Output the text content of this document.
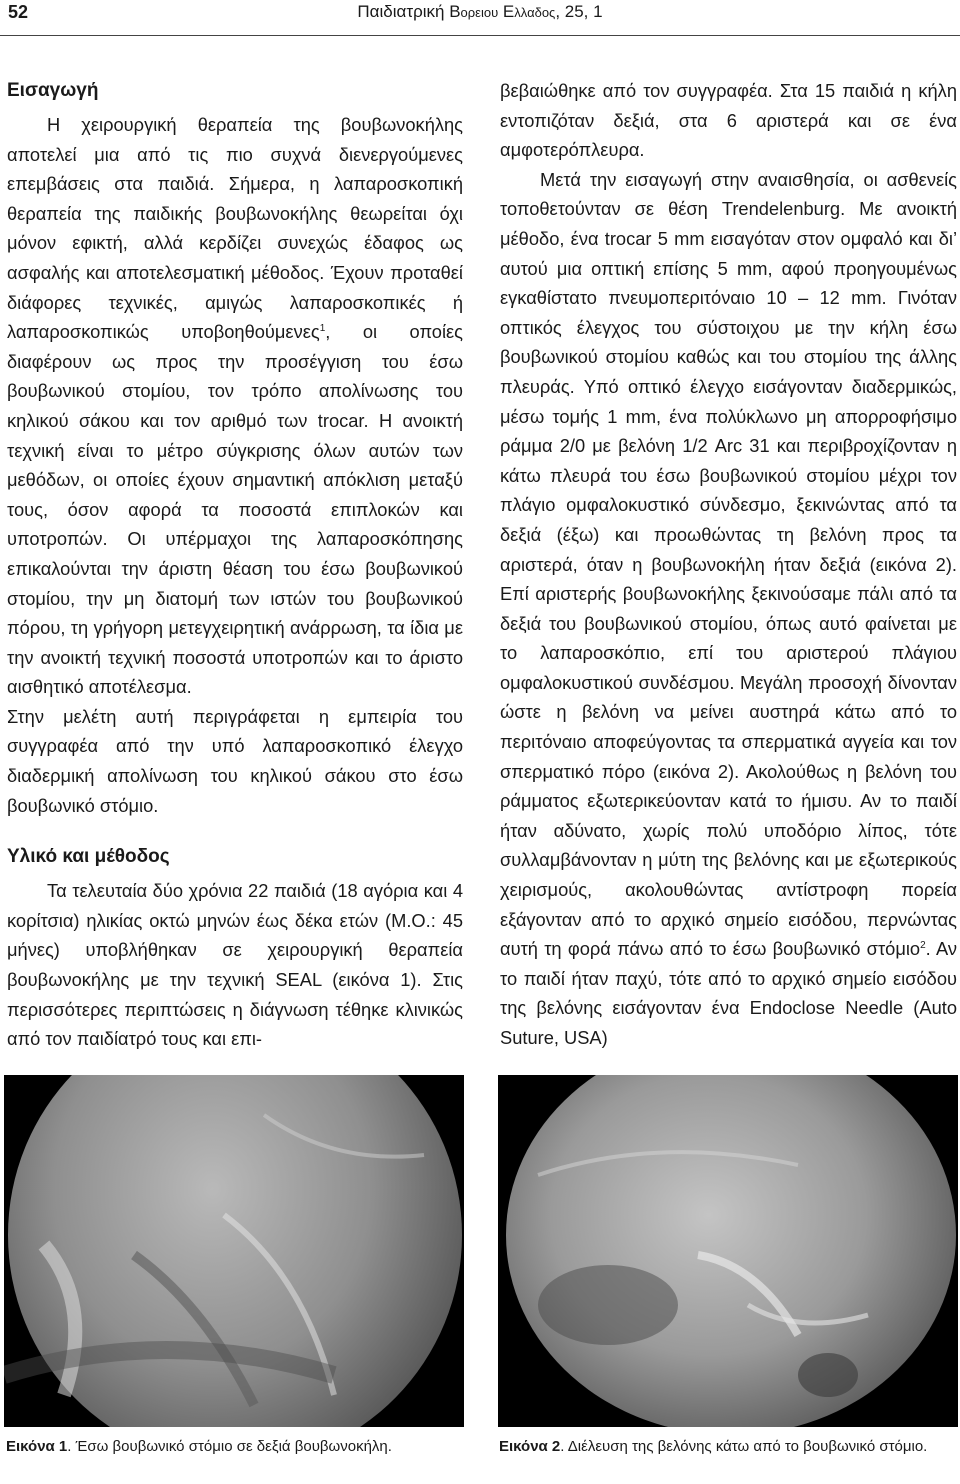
52	Παιδιατρική Βορειου Ελλαδος, 25, 1
Εισαγωγή

Η χειρουργική θεραπεία της βουβωνοκήλης αποτελεί μια από τις πιο συχνά διενεργούμενες επεμβάσεις στα παιδιά. Σήμερα, η λαπαροσκοπική θεραπεία της παιδικής βουβωνοκήλης θεωρείται όχι μόνον εφικτή, αλλά κερδίζει συνεχώς έδαφος ως ασφαλής και αποτελεσματική μέθοδος. Έχουν προταθεί διάφορες τεχνικές, αμιγώς λαπαροσκοπικές ή λαπαροσκοπικώς υποβοηθούμενες$^1$, οι οποίες διαφέρουν ως προς την προσέγγιση του έσω βουβωνικού στομίου, τον τρόπο απολίνωσης του κηλικού σάκου και τον αριθμό των trocar. Η ανοικτή τεχνική είναι το μέτρο σύγκρισης όλων αυτών των μεθόδων, οι οποίες έχουν σημαντική απόκλιση μεταξύ τους, όσον αφορά τα ποσοστά επιπλοκών και υποτροπών. Οι υπέρμαχοι της λαπαροσκόπησης επικαλούνται την άριστη θέαση του έσω βουβωνικού στομίου, την μη διατομή των ιστών του βουβωνικού πόρου, τη γρήγορη μετεγχειρητική ανάρρωση, τα ίδια με την ανοικτή τεχνική ποσοστά υποτροπών και το άριστο αισθητικό αποτέλεσμα.

Στην μελέτη αυτή περιγράφεται η εμπειρία του συγγραφέα από την υπό λαπαροσκοπικό έλεγχο διαδερμική απολίνωση του κηλικού σάκου στο έσω βουβωνικό στόμιο.

Υλικό και μέθοδος

Τα τελευταία δύο χρόνια 22 παιδιά (18 αγόρια και 4 κορίτσια) ηλικίας οκτώ μηνών έως δέκα ετών (Μ.Ο.: 45 μήνες) υποβλήθηκαν σε χειρουργική θεραπεία βουβωνοκήλης με την τεχνική SEAL (εικόνα 1). Στις περισσότερες περιπτώσεις η διάγνωση τέθηκε κλινικώς από τον παιδίατρό τους και επι-

βεβαιώθηκε από τον συγγραφέα. Στα 15 παιδιά η κήλη εντοπιζόταν δεξιά, στα 6 αριστερά και σε ένα αμφοτερόπλευρα.

Μετά την εισαγωγή στην αναισθησία, οι ασθενείς τοποθετούνταν σε θέση Trendelenburg. Με ανοικτή μέθοδο, ένα trocar 5 mm εισαγόταν στον ομφαλό και δι’ αυτού μια οπτική επίσης 5 mm, αφού προηγουμένως εγκαθίστατο πνευμοπεριτόναιο 10 – 12 mm. Γινόταν οπτικός έλεγχος του σύστοιχου με την κήλη έσω βουβωνικού στομίου καθώς και του στομίου της άλλης πλευράς. Υπό οπτικό έλεγχο εισάγονταν διαδερμικώς, μέσω τομής 1 mm, ένα πολύκλωνο μη απορροφήσιμο ράμμα 2/0 με βελόνη 1/2 Arc 31 και περιβροχίζονταν η κάτω πλευρά του έσω βουβωνικού στομίου μέχρι τον πλάγιο ομφαλοκυστικό σύνδεσμο, ξεκινώντας από τα δεξιά (έξω) και προωθώντας τη βελόνη προς τα αριστερά, όταν η βουβωνοκήλη ήταν δεξιά (εικόνα 2). Επί αριστερής βουβωνοκήλης ξεκινούσαμε πάλι από τα δεξιά του βουβωνικού στομίου, όπως αυτό φαίνεται με το λαπαροσκόπιο, επί του αριστερού πλάγιου ομφαλοκυστικού συνδέσμου. Μεγάλη προσοχή δίνονταν ώστε η βελόνη να μείνει αυστηρά κάτω από το περιτόναιο αποφεύγοντας τα σπερματικά αγγεία και τον σπερματικό πόρο (εικόνα 2). Ακολούθως η βελόνη του ράμματος εξωτερικεύονταν κατά το ήμισυ. Αν το παιδί ήταν αδύνατο, χωρίς πολύ υποδόριο λίπος, τότε συλλαμβάνονταν η μύτη της βελόνης και με εξωτερικούς χειρισμούς, ακολουθώντας αντίστροφη πορεία εξάγονταν από το αρχικό σημείο εισόδου, περνώντας αυτή τη φορά πάνω από το έσω βουβωνικό στόμιο$^2$. Αν το παιδί ήταν παχύ, τότε από το αρχικό σημείο εισόδου της βελόνης εισάγονταν ένα Endoclose Needle (Auto Suture, USA)

Εικόνα 1. Έσω βουβωνικό στόμιο σε δεξιά βουβωνοκήλη.	Εικόνα 2. Διέλευση της βελόνης κάτω από το βουβωνικό στόμιο.
